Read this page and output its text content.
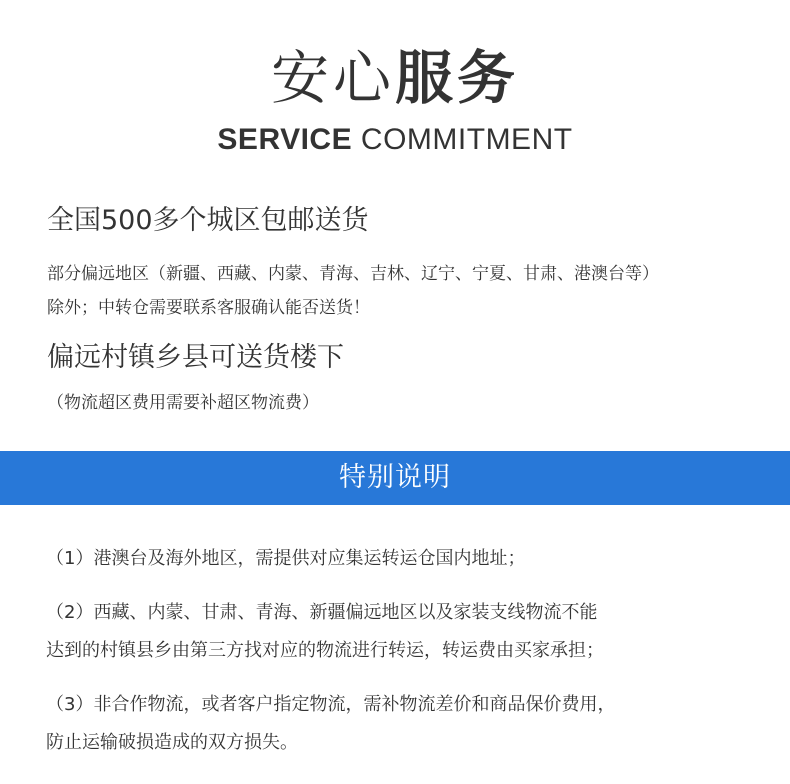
安心服务
SERVICE COMMITMENT
全国500多个城区包邮送货
部分偏远地区（新疆、西藏、内蒙、青海、吉林、辽宁、宁夏、甘肃、港澳台等）
除外；中转仓需要联系客服确认能否送货！
偏远村镇乡县可送货楼下
（物流超区费用需要补超区物流费）
特别说明
（1）港澳台及海外地区，需提供对应集运转运仓国内地址；
（2）西藏、内蒙、甘肃、青海、新疆偏远地区以及家装支线物流不能
达到的村镇县乡由第三方找对应的物流进行转运，转运费由买家承担；
（3）非合作物流，或者客户指定物流，需补物流差价和商品保价费用，
防止运输破损造成的双方损失。
